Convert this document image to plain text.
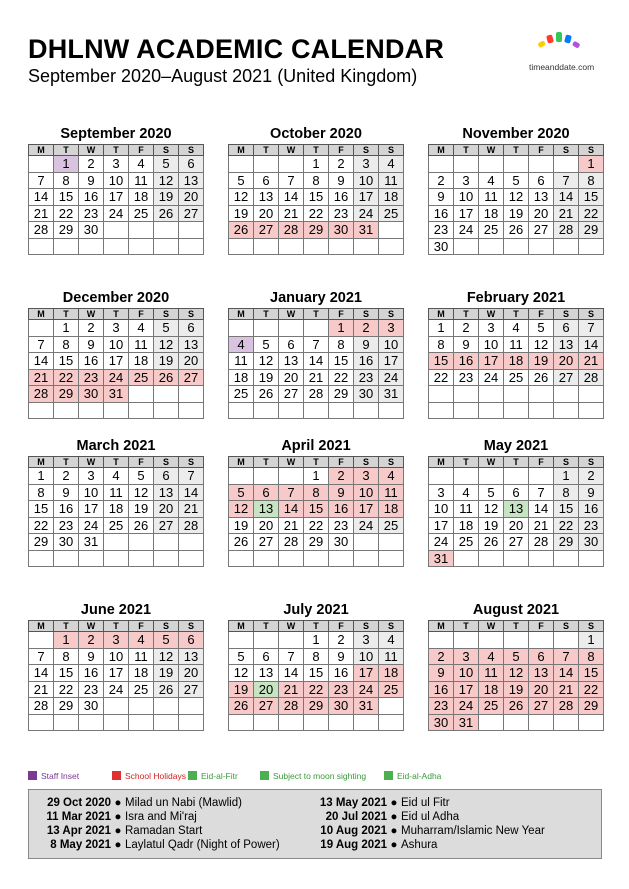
DHLNW ACADEMIC CALENDAR
September 2020–August 2021 (United Kingdom)	timeanddate.com
September 2020
M	T	W	T	F	S	S
	1	2	3	4	5	6
7	8	9	10	11	12	13
14	15	16	17	18	19	20
21	22	23	24	25	26	27
28	29	30				

October 2020
M	T	W	T	F	S	S
			1	2	3	4
5	6	7	8	9	10	11
12	13	14	15	16	17	18
19	20	21	22	23	24	25
26	27	28	29	30	31	

November 2020
M	T	W	T	F	S	S
						1
2	3	4	5	6	7	8
9	10	11	12	13	14	15
16	17	18	19	20	21	22
23	24	25	26	27	28	29
30						
December 2020
M	T	W	T	F	S	S
	1	2	3	4	5	6
7	8	9	10	11	12	13
14	15	16	17	18	19	20
21	22	23	24	25	26	27
28	29	30	31			

January 2021
M	T	W	T	F	S	S
				1	2	3
4	5	6	7	8	9	10
11	12	13	14	15	16	17
18	19	20	21	22	23	24
25	26	27	28	29	30	31

February 2021
M	T	W	T	F	S	S
1	2	3	4	5	6	7
8	9	10	11	12	13	14
15	16	17	18	19	20	21
22	23	24	25	26	27	28

March 2021
M	T	W	T	F	S	S
1	2	3	4	5	6	7
8	9	10	11	12	13	14
15	16	17	18	19	20	21
22	23	24	25	26	27	28
29	30	31				

April 2021
M	T	W	T	F	S	S
			1	2	3	4
5	6	7	8	9	10	11
12	13	14	15	16	17	18
19	20	21	22	23	24	25
26	27	28	29	30		

May 2021
M	T	W	T	F	S	S
					1	2
3	4	5	6	7	8	9
10	11	12	13	14	15	16
17	18	19	20	21	22	23
24	25	26	27	28	29	30
31						
June 2021
M	T	W	T	F	S	S
	1	2	3	4	5	6
7	8	9	10	11	12	13
14	15	16	17	18	19	20
21	22	23	24	25	26	27
28	29	30				

July 2021
M	T	W	T	F	S	S
			1	2	3	4
5	6	7	8	9	10	11
12	13	14	15	16	17	18
19	20	21	22	23	24	25
26	27	28	29	30	31	

August 2021
M	T	W	T	F	S	S
						1
2	3	4	5	6	7	8
9	10	11	12	13	14	15
16	17	18	19	20	21	22
23	24	25	26	27	28	29
30	31					
Staff Inset	School Holidays	Eid-al-Fitr	Subject to moon sighting	Eid-al-Adha
29 Oct 2020 ● Milad un Nabi (Mawlid)
11 Mar 2021 ● Isra and Mi'raj
13 Apr 2021 ● Ramadan Start
8 May 2021 ● Laylatul Qadr (Night of Power)
13 May 2021 ● Eid ul Fitr
20 Jul 2021 ● Eid ul Adha
10 Aug 2021 ● Muharram/Islamic New Year
19 Aug 2021 ● Ashura
